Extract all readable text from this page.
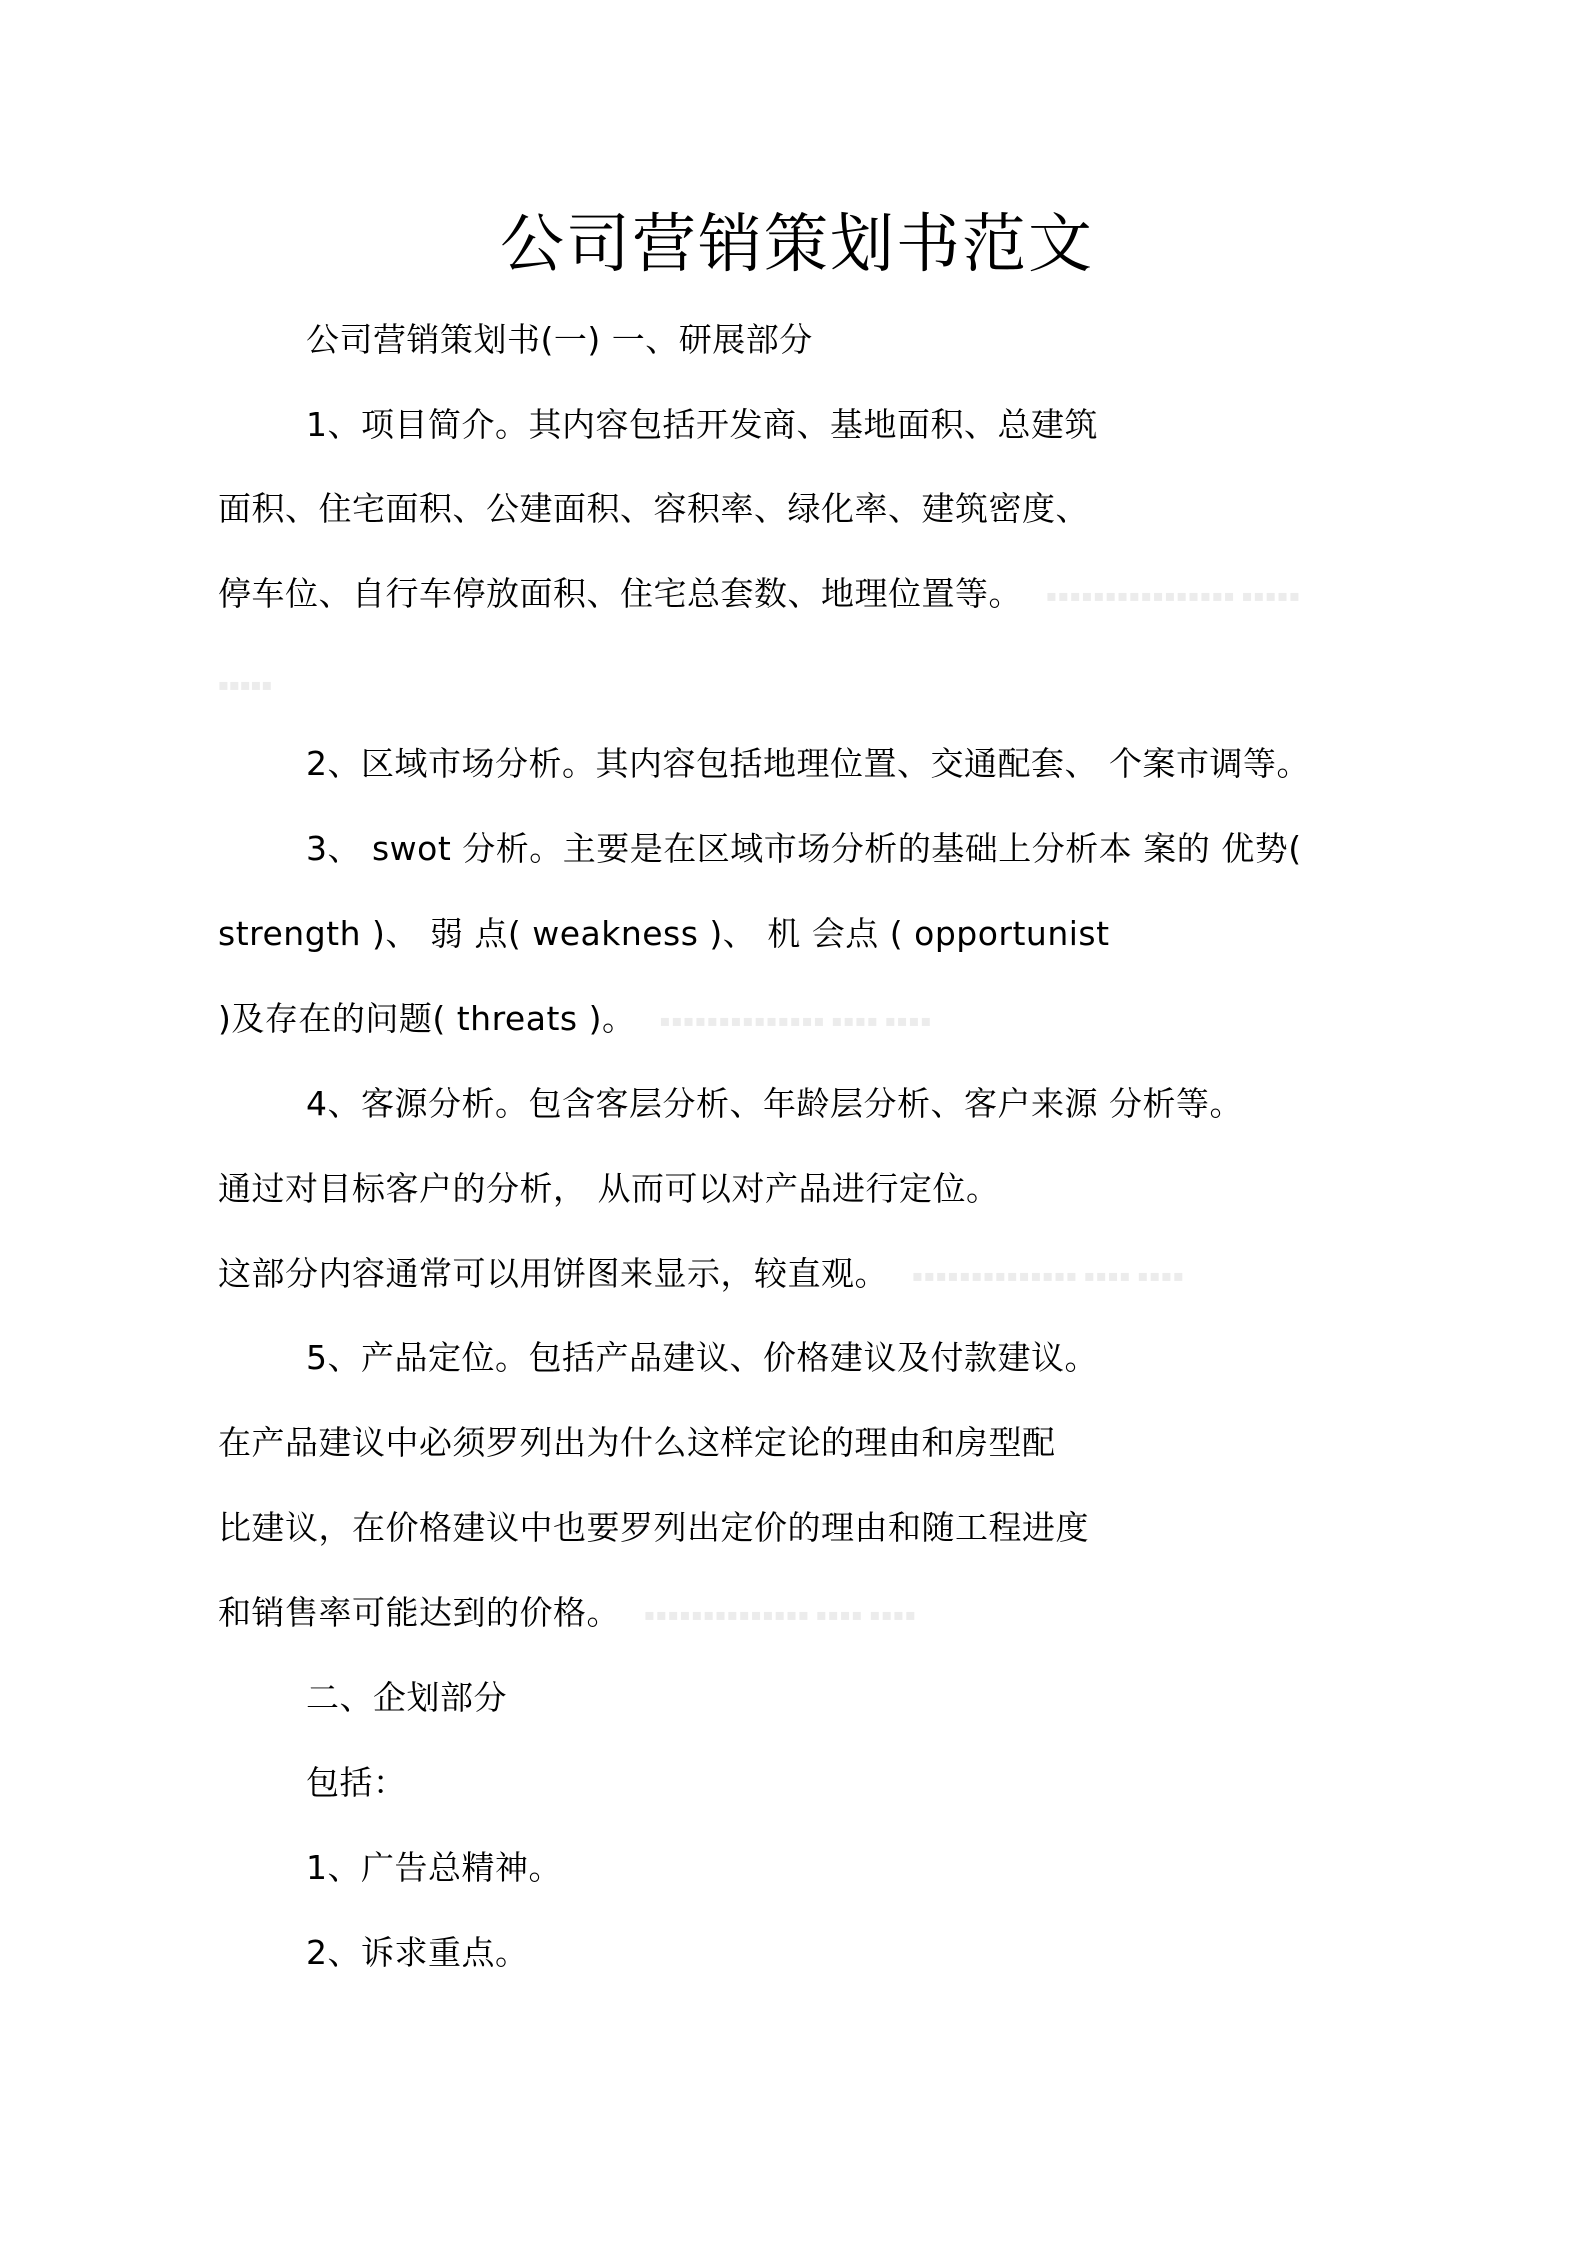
公司营销策划书范文
公司营销策划书(一) 一、研展部分
1、项目简介。其内容包括开发商、基地面积、总建筑
面积、住宅面积、公建面积、容积率、绿化率、建筑密度、
停车位、自行车停放面积、住宅总套数、地理位置等。 ▪▪▪▪▪▪▪▪▪▪▪▪▪▪▪▪ ▪▪▪▪▪
▪▪▪▪▪
2、区域市场分析。其内容包括地理位置、交通配套、 个案市调等。
3、 swot 分析。主要是在区域市场分析的基础上分析本 案的 优势(
strength )、 弱 点( weakness )、 机 会点 ( opportunist
)及存在的问题( threats )。 ▪▪▪▪▪▪▪▪▪▪▪▪▪▪ ▪▪▪▪ ▪▪▪▪
4、客源分析。包含客层分析、年龄层分析、客户来源 分析等。
通过对目标客户的分析， 从而可以对产品进行定位。
这部分内容通常可以用饼图来显示，较直观。 ▪▪▪▪▪▪▪▪▪▪▪▪▪▪ ▪▪▪▪ ▪▪▪▪
5、产品定位。包括产品建议、价格建议及付款建议。
在产品建议中必须罗列出为什么这样定论的理由和房型配
比建议，在价格建议中也要罗列出定价的理由和随工程进度
和销售率可能达到的价格。 ▪▪▪▪▪▪▪▪▪▪▪▪▪▪ ▪▪▪▪ ▪▪▪▪
二、企划部分
包括：
1、广告总精神。
2、诉求重点。
